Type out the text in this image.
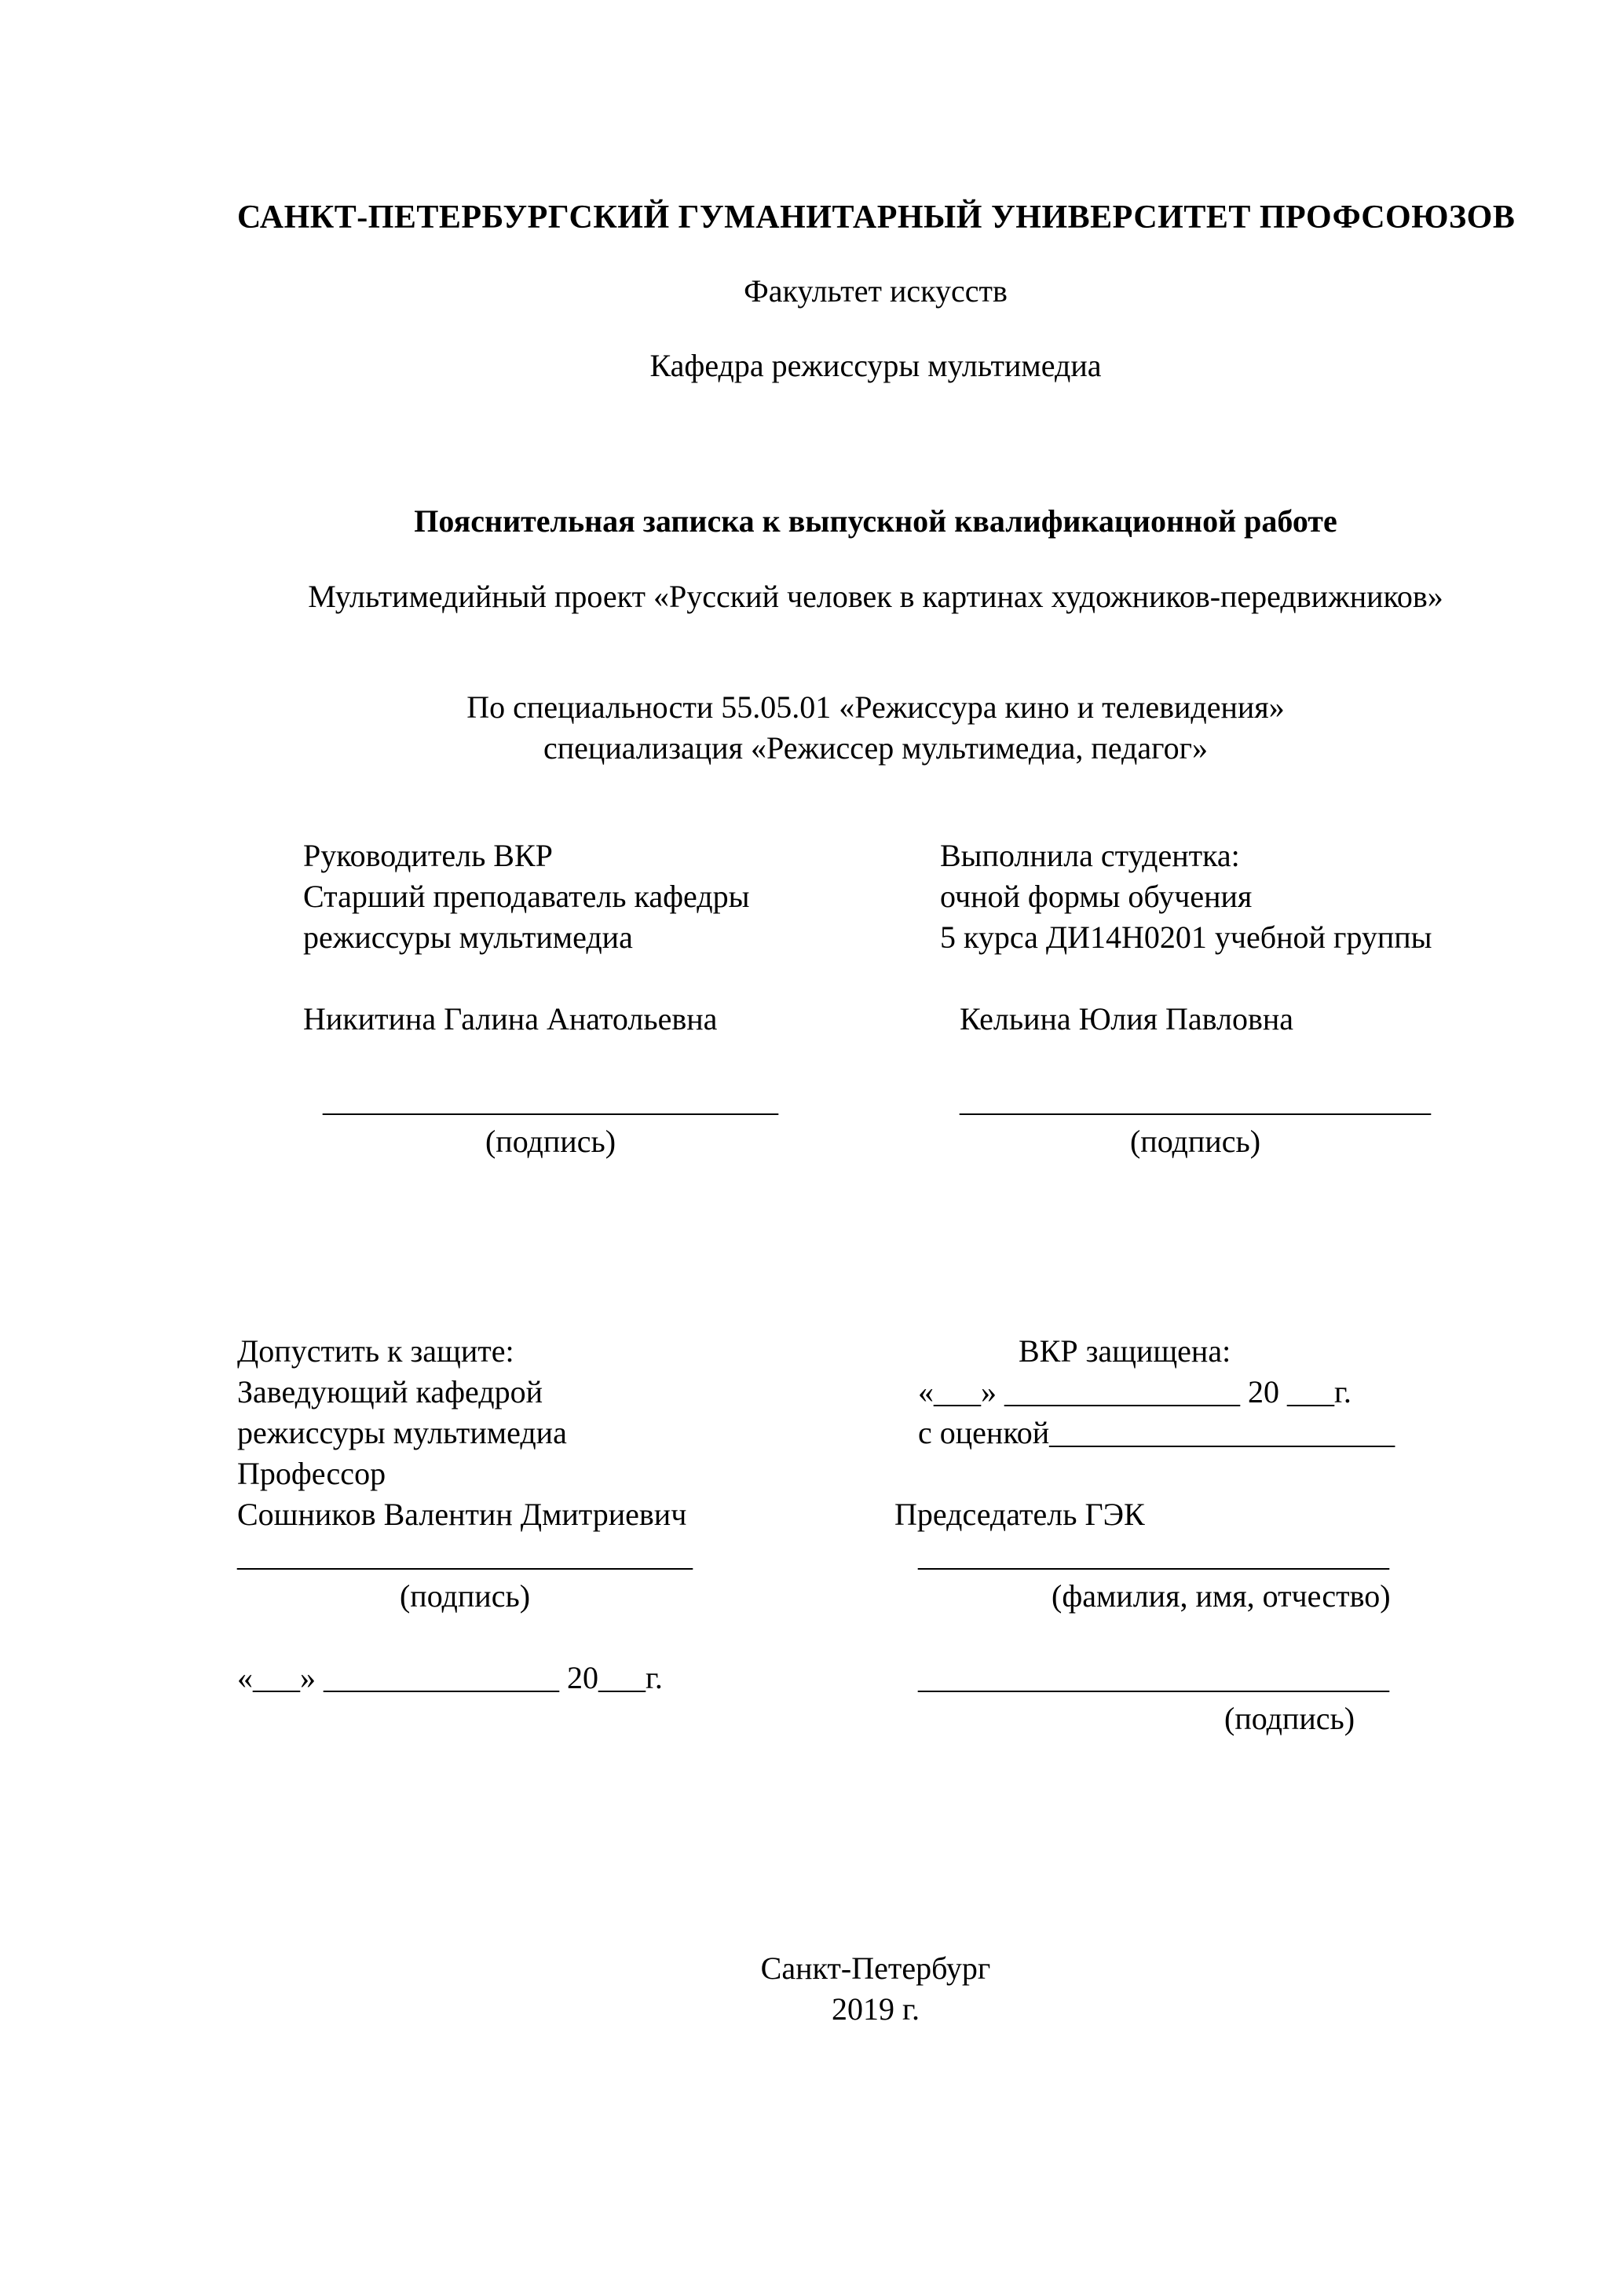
САНКТ-ПЕТЕРБУРГСКИЙ ГУМАНИТАРНЫЙ УНИВЕРСИТЕТ ПРОФСОЮЗОВ
Факультет искусств
Кафедра режиссуры мультимедиа
Пояснительная записка к выпускной квалификационной работе
Мультимедийный проект «Русский человек в картинах художников-передвижников»
По специальности 55.05.01 «Режиссура кино и телевидения»
специализация «Режиссер мультимедиа, педагог»
Руководитель ВКР
Старший преподаватель кафедры
режиссуры мультимедиа
Никитина Галина Анатольевна
_____________________________
(подпись)
Выполнила студентка:
очной формы обучения
5 курса ДИ14Н0201 учебной группы
Кельина Юлия Павловна
______________________________
(подпись)
Допустить к защите:
Заведующий кафедрой
режиссуры мультимедиа
Профессор
Сошников Валентин Дмитриевич
_____________________________
(подпись)
«___» _______________ 20___г.
ВКР защищена:
«___» _______________ 20 ___г.
с оценкой______________________
Председатель ГЭК
______________________________
(фамилия, имя, отчество)
______________________________
(подпись)
Санкт-Петербург
2019 г.
